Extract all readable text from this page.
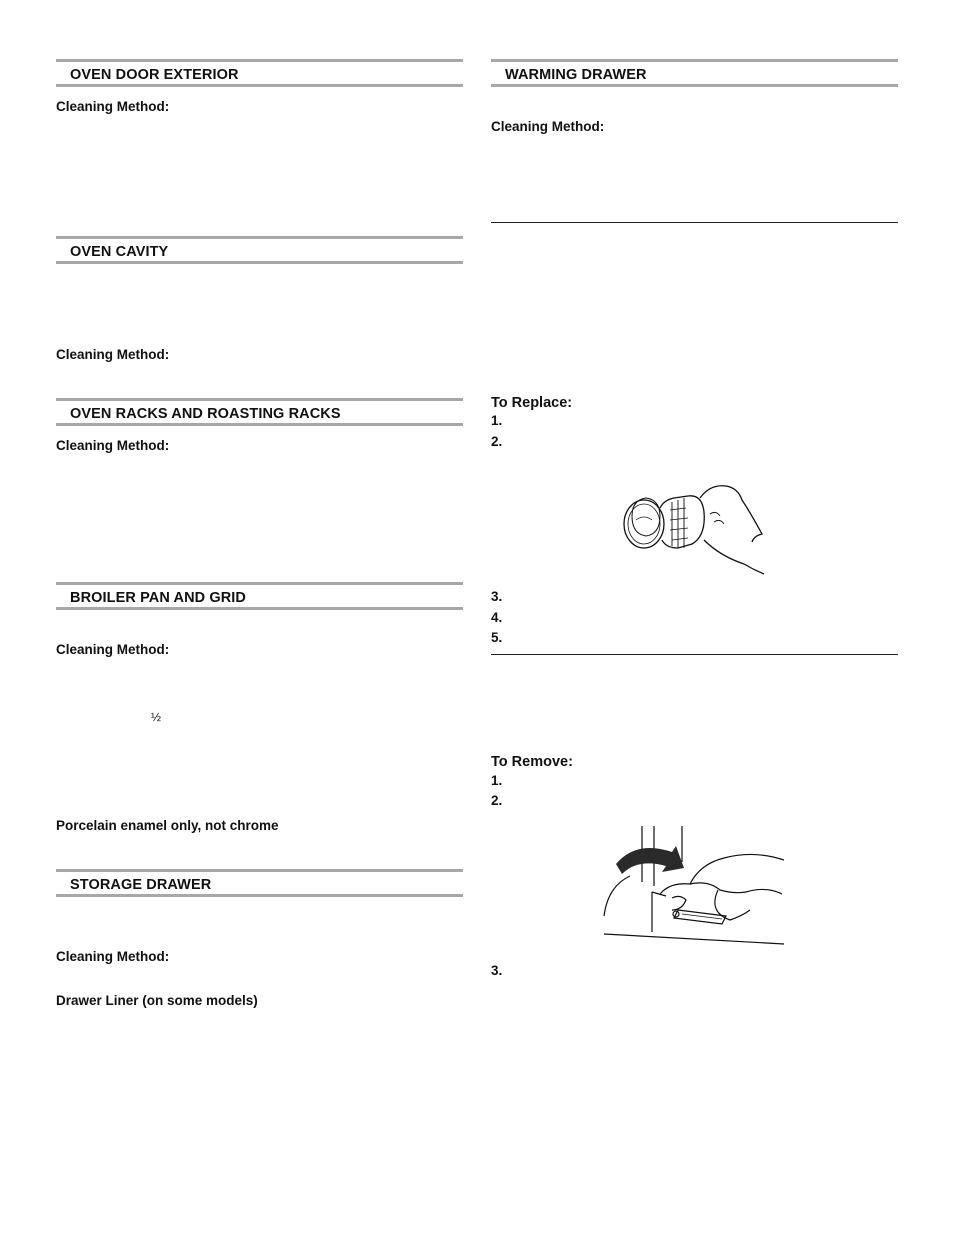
OVEN DOOR EXTERIOR
Cleaning Method:
OVEN CAVITY
Cleaning Method:
OVEN RACKS AND ROASTING RACKS
Cleaning Method:
BROILER PAN AND GRID
Cleaning Method:
½
Porcelain enamel only, not chrome
STORAGE DRAWER
Cleaning Method:
Drawer Liner (on some models)
WARMING DRAWER
Cleaning Method:
To Replace:
1.
2.
3.
4.
5.
To Remove:
1.
2.
3.
